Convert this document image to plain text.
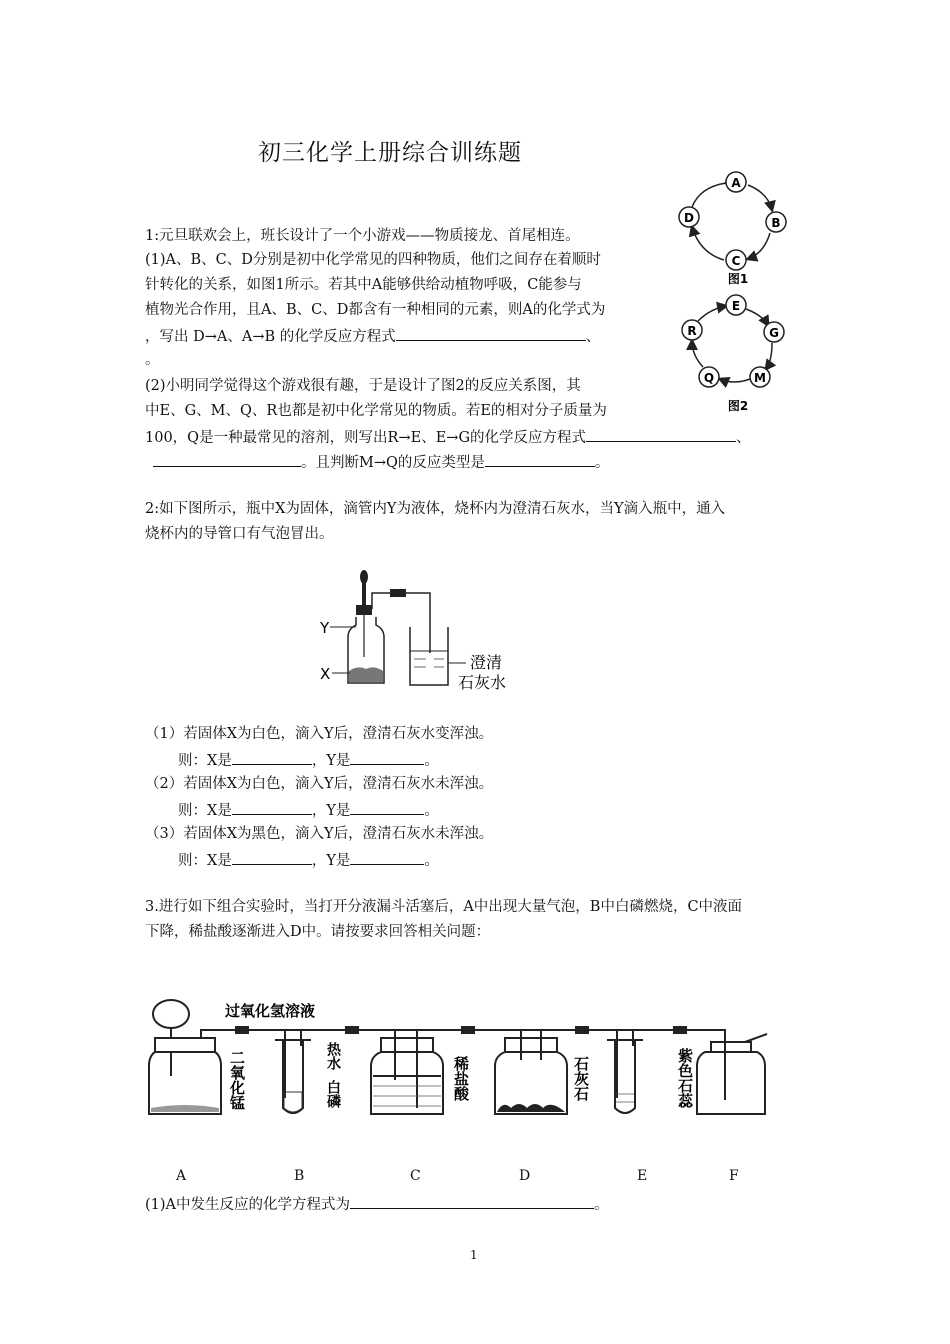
初三化学上册综合训练题
1:元旦联欢会上，班长设计了一个小游戏——物质接龙、首尾相连。
(1)A、B、C、D分别是初中化学常见的四种物质，他们之间存在着顺时
针转化的关系，如图1所示。若其中A能够供给动植物呼吸，C能参与
植物光合作用，且A、B、C、D都含有一种相同的元素，则A的化学式为
，写出 D→A、A→B 的化学反应方程式	、
。
(2)小明同学觉得这个游戏很有趣，于是设计了图2的反应关系图，其
中E、G、M、Q、R也都是初中化学常见的物质。若E的相对分子质量为
100，Q是一种最常见的溶剂，则写出R→E、E→G的化学反应方程式	、
。且判断M→Q的反应类型是	。
A
B
C
D
图1
E
G
M
Q
R
图2
2:如下图所示，瓶中X为固体，滴管内Y为液体，烧杯内为澄清石灰水，当Y滴入瓶中，通入
烧杯内的导管口有气泡冒出。
Y
X
澄清
石灰水
（1）若固体X为白色，滴入Y后，澄清石灰水变浑浊。
则：X是	，Y是	。
（2）若固体X为白色，滴入Y后，澄清石灰水未浑浊。
则：X是	，Y是	。
（3）若固体X为黑色，滴入Y后，澄清石灰水未浑浊。
则：X是	，Y是	。
3.进行如下组合实验时，当打开分液漏斗活塞后，A中出现大量气泡，B中白磷燃烧，C中液面
下降，稀盐酸逐渐进入D中。请按要求回答相关问题：
过氧化氢溶液
二氧化锰	热水
白磷	稀盐酸	石灰石	紫色石蕊
A	B	C	D	E	F
(1)A中发生反应的化学方程式为	。
1
